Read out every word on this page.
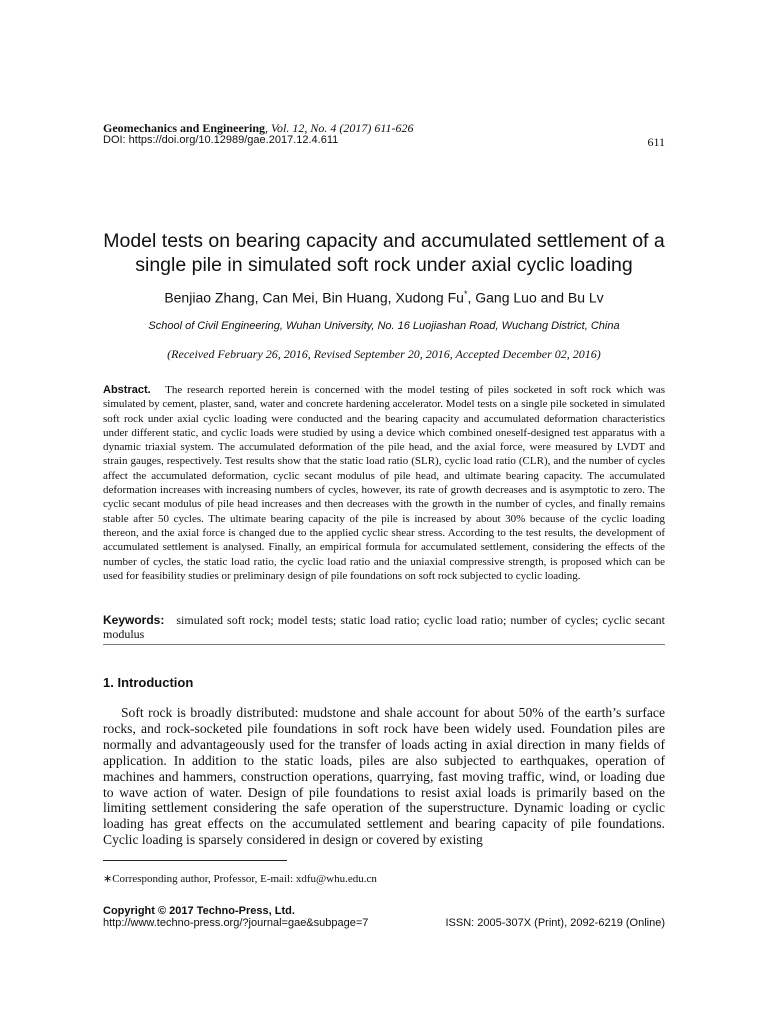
Geomechanics and Engineering, Vol. 12, No. 4 (2017) 611-626
DOI: https://doi.org/10.12989/gae.2017.12.4.611	611
Model tests on bearing capacity and accumulated settlement of a single pile in simulated soft rock under axial cyclic loading
Benjiao Zhang, Can Mei, Bin Huang, Xudong Fu*, Gang Luo and Bu Lv
School of Civil Engineering, Wuhan University, No. 16 Luojiashan Road, Wuchang District, China
(Received February 26, 2016, Revised September 20, 2016, Accepted December 02, 2016)
Abstract. The research reported herein is concerned with the model testing of piles socketed in soft rock which was simulated by cement, plaster, sand, water and concrete hardening accelerator. Model tests on a single pile socketed in simulated soft rock under axial cyclic loading were conducted and the bearing capacity and accumulated deformation characteristics under different static, and cyclic loads were studied by using a device which combined oneself-designed test apparatus with a dynamic triaxial system. The accumulated deformation of the pile head, and the axial force, were measured by LVDT and strain gauges, respectively. Test results show that the static load ratio (SLR), cyclic load ratio (CLR), and the number of cycles affect the accumulated deformation, cyclic secant modulus of pile head, and ultimate bearing capacity. The accumulated deformation increases with increasing numbers of cycles, however, its rate of growth decreases and is asymptotic to zero. The cyclic secant modulus of pile head increases and then decreases with the growth in the number of cycles, and finally remains stable after 50 cycles. The ultimate bearing capacity of the pile is increased by about 30% because of the cyclic loading thereon, and the axial force is changed due to the applied cyclic shear stress. According to the test results, the development of accumulated settlement is analysed. Finally, an empirical formula for accumulated settlement, considering the effects of the number of cycles, the static load ratio, the cyclic load ratio and the uniaxial compressive strength, is proposed which can be used for feasibility studies or preliminary design of pile foundations on soft rock subjected to cyclic loading.
Keywords: simulated soft rock; model tests; static load ratio; cyclic load ratio; number of cycles; cyclic secant modulus
1. Introduction
Soft rock is broadly distributed: mudstone and shale account for about 50% of the earth’s surface rocks, and rock-socketed pile foundations in soft rock have been widely used. Foundation piles are normally and advantageously used for the transfer of loads acting in axial direction in many fields of application. In addition to the static loads, piles are also subjected to earthquakes, operation of machines and hammers, construction operations, quarrying, fast moving traffic, wind, or loading due to wave action of water. Design of pile foundations to resist axial loads is primarily based on the limiting settlement considering the safe operation of the superstructure. Dynamic loading or cyclic loading has great effects on the accumulated settlement and bearing capacity of pile foundations. Cyclic loading is sparsely considered in design or covered by existing
∗Corresponding author, Professor, E-mail: xdfu@whu.edu.cn
Copyright © 2017 Techno-Press, Ltd.
http://www.techno-press.org/?journal=gae&subpage=7	ISSN: 2005-307X (Print), 2092-6219 (Online)
